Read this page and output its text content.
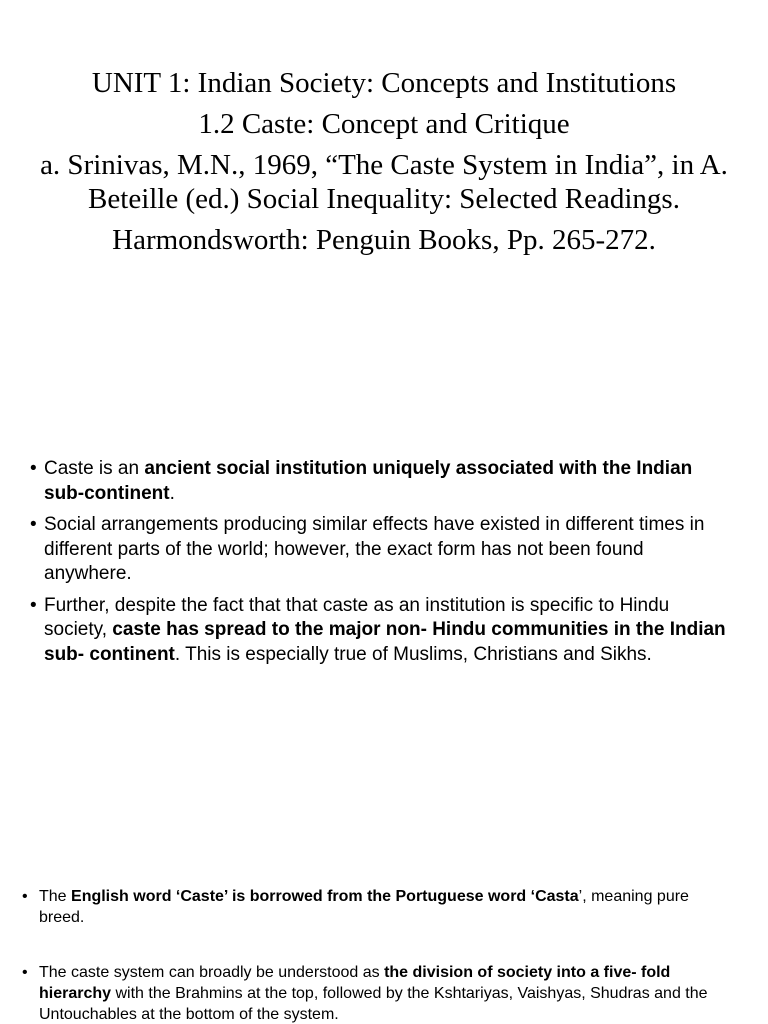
UNIT 1: Indian Society: Concepts and Institutions

1.2 Caste: Concept and Critique

a. Srinivas, M.N., 1969, “The Caste System in India”, in A. Beteille (ed.) Social Inequality: Selected Readings.

Harmondsworth: Penguin Books, Pp. 265-272.

• Caste is an ancient social institution uniquely associated with the Indian sub-continent.
• Social arrangements producing similar effects have existed in different times in different parts of the world; however, the exact form has not been found anywhere.
• Further, despite the fact that that caste as an institution is specific to Hindu society, caste has spread to the major non- Hindu communities in the Indian sub- continent. This is especially true of Muslims, Christians and Sikhs.
• The English word ‘Caste’ is borrowed from the Portuguese word ‘Casta’, meaning pure breed.
• The caste system can broadly be understood as the division of society into a five- fold hierarchy with the Brahmins at the top, followed by the Kshtariyas, Vaishyas, Shudras and the Untouchables at the bottom of the system.
